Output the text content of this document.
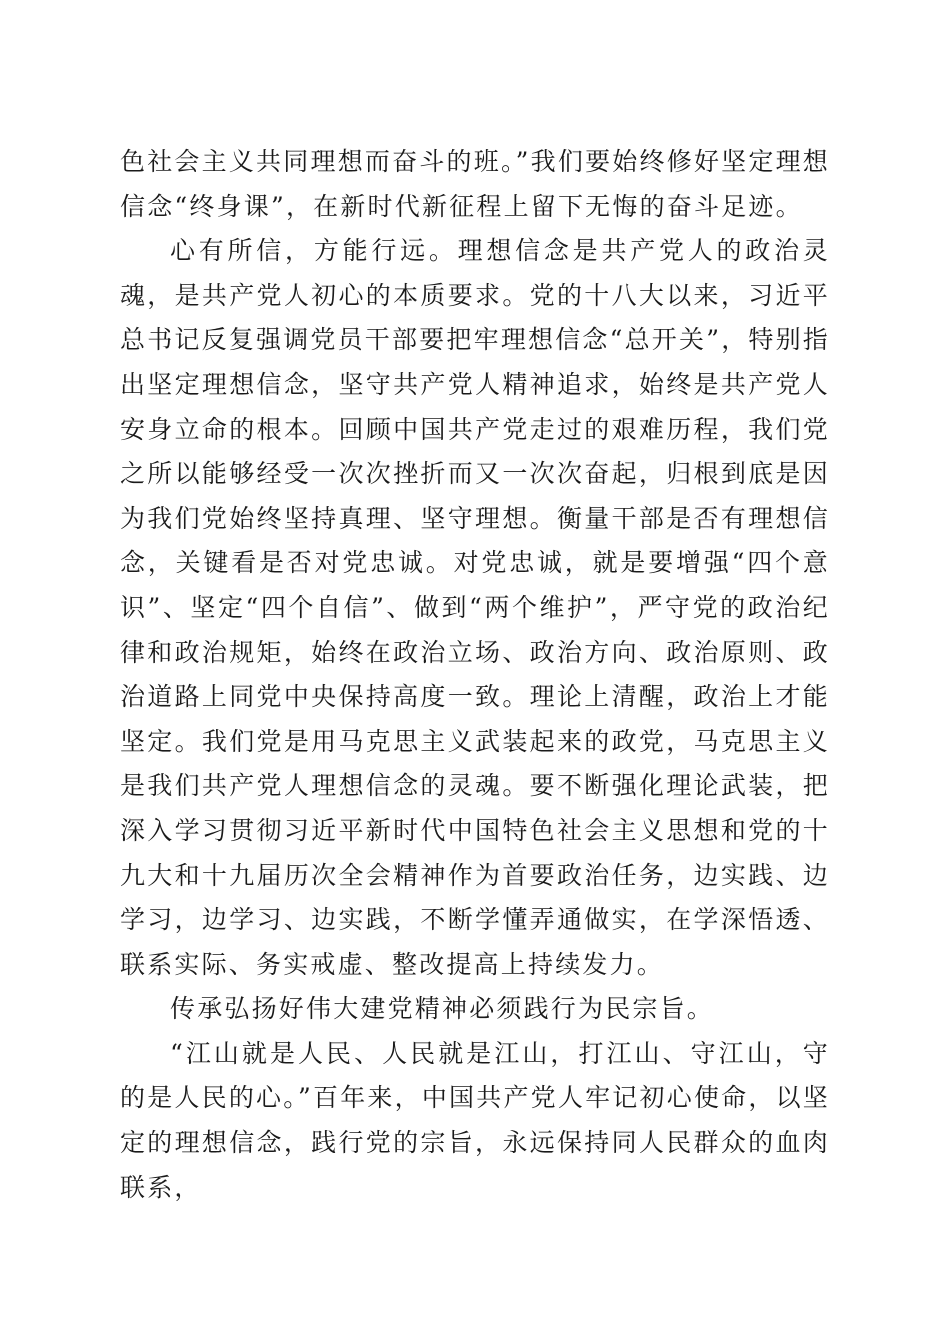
色社会主义共同理想而奋斗的班。”我们要始终修好坚定理想信念“终身课”，在新时代新征程上留下无悔的奋斗足迹。

心有所信，方能行远。理想信念是共产党人的政治灵魂，是共产党人初心的本质要求。党的十八大以来，习近平总书记反复强调党员干部要把牢理想信念“总开关”，特别指出坚定理想信念，坚守共产党人精神追求，始终是共产党人安身立命的根本。回顾中国共产党走过的艰难历程，我们党之所以能够经受一次次挫折而又一次次奋起，归根到底是因为我们党始终坚持真理、坚守理想。衡量干部是否有理想信念，关键看是否对党忠诚。对党忠诚，就是要增强“四个意识”、坚定“四个自信”、做到“两个维护”，严守党的政治纪律和政治规矩，始终在政治立场、政治方向、政治原则、政治道路上同党中央保持高度一致。理论上清醒，政治上才能坚定。我们党是用马克思主义武装起来的政党，马克思主义是我们共产党人理想信念的灵魂。要不断强化理论武装，把深入学习贯彻习近平新时代中国特色社会主义思想和党的十九大和十九届历次全会精神作为首要政治任务，边实践、边学习，边学习、边实践，不断学懂弄通做实，在学深悟透、联系实际、务实戒虚、整改提高上持续发力。

传承弘扬好伟大建党精神必须践行为民宗旨。

“江山就是人民、人民就是江山，打江山、守江山，守的是人民的心。”百年来，中国共产党人牢记初心使命，以坚定的理想信念，践行党的宗旨，永远保持同人民群众的血肉联系，
